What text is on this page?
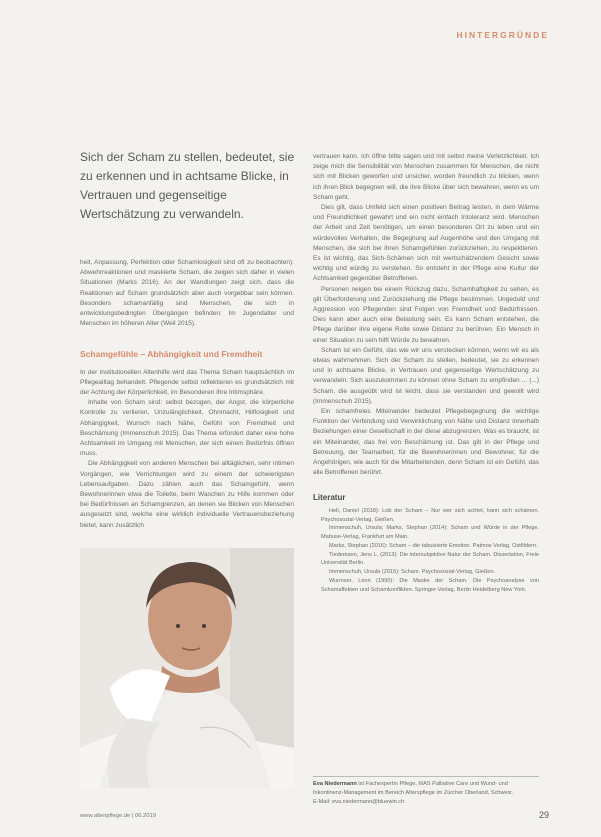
HINTERGRÜNDE
Sich der Scham zu stellen, bedeutet, sie zu erkennen und in achtsame Blicke, in Vertrauen und gegenseitige Wertschätzung zu verwandeln.

heit, Anpassung, Perfektion oder Schamlosigkeit sind oft zu beobachten). Abwehrreaktionen und maskierte Scham, die zeigen sich daher in vielen Situationen (Marks 2016). An der Wandlungen zeigt sich, dass die Reaktionen auf Scham grundsätzlich aber auch vorgebbar sein können. Besonders schamanfällig sind Menschen, die sich in entwicklungsbedingten Übergängen befinden: Im Jugendalter und Menschen im höheren Alter (Weil 2015).

Schamgefühle – Abhängigkeit und Fremdheit

In der institutionellen Altenhilfe wird das Thema Scham hauptsächlich im Pflegealltag behandelt. Pflegende selbst reflektieren es grundsätzlich mit der Achtung der Körperlichkeit, im Besonderen ihre Intimsphäre.

Inhalte von Scham sind: selbst bezogen, der Angst, die körperliche Kontrolle zu verlieren, Unzulänglichkeit, Ohnmacht, Hilflosigkeit und Abhängigkeit, Wunsch nach Nähe, Gefühl von Fremdheit und Beschämung (Immenschuh 2015). Das Thema erfordert daher eine hohe Achtsamkeit im Umgang mit Menschen, der sich einem Bedürfnis öffnen muss.

Die Abhängigkeit von anderen Menschen bei alltäglichen, sehr intimen Vorgängen, wie Verrichtungen wird zu einem der schwierigsten Lebensaufgaben. Dazu zählen auch das Schamgefühl, wenn Bewohnerinnen etwa die Toilette, beim Waschen zu Hilfe kommen oder bei Bedürfnissen an Schamgrenzen, an denen sie Blicken von Menschen ausgesetzt sind, welche eine wirklich individuelle Vertrauensbeziehung bietet, kann zusätzlich

vertrauen kann. Ich öffne bitte sagen und mit selbst meine Verletzlichkeit. Ich zeige mich die Sensibilität von Menschen zusammen für Menschen, die nicht sich mit Blicken geworfen und unsicher, worden freundlich zu blicken, wenn ich ihren Blick begegnen will, die ihre Blicke über sich bewahren, wenn es um Scham geht.

Dies gilt, dass Umfeld sich einen positiven Beitrag leisten, in dem Wärme und Freundlichkeit gewahrt und ein nicht einfach Intoleranz wird. Menschen der Arbeit und Zeit benötigen, um einen besonderen Ort zu leben und ein würdevolles Verhalten, die Begegnung auf Augenhöhe und den Umgang mit Menschen, die sich bei ihren Schamgefühlen zurückziehen, zu respektieren. Es ist wichtig, das Sich-Schämen sich mit wertschätzendem Gesicht sowie wichtig und würdig zu verstehen. So entsteht in der Pflege eine Kultur der Achtsamkeit gegenüber Betroffenen.

Personen neigen bei einem Rückzug dazu, Schamhaftigkeit zu sehen, es gilt Überforderung und Zurückziehung die Pflege bestimmen. Ungeduld und Aggression von Pflegenden sind Folgen von Fremdheit und Bedürfnissen. Dies kann aber auch eine Belastung sein. Es kann Scham entstehen, die Pflege darüber ihre eigene Rolle sowie Distanz zu berühren. Ein Mensch in einer Situation zu sein hilft Würde zu bewahren.

Scham ist ein Gefühl, das wie wir uns verstecken können, wenn wir es als etwas wahrnehmen. Sich der Scham zu stellen, bedeutet, sie zu erkennen und in achtsame Blicke, in Vertrauen und gegenseitige Wertschätzung zu verwandeln. Sich auszukommen zu können ohne Scham zu empfinden ... (...) Scham, die ausgeübt wird ist leicht, dass sie verstanden und gewollt wird (Immenschuh 2015).

Ein schamfreies Miteinander bedeutet Pflegebegegnung die wichtige Funktion der Verbindung und Verwirklichung von Nähe und Distanz innerhalb Beziehungen einer Gesellschaft in der diese abzugrenzen. Was es braucht, ist ein Miteinander, das frei von Beschämung ist. Das gilt in der Pflege und Betreuung, der Teamarbeit, für die Bewohnerinnen und Bewohner, für die Angehörigen, wie auch für die Mitarbeitenden, denn Scham ist ein Gefühl, das alle Betroffenen berührt.

Literatur

Hell, Daniel (2018): Lob der Scham – Nur wer sich achtet, kann sich schämen. Psychosozial-Verlag, Gießen.

Immenschuh, Ursula; Marks, Stephan (2014): Scham und Würde in der Pflege. Mabuse-Verlag, Frankfurt am Main.

Marks, Stephan (2016): Scham – die tabuisierte Emotion. Patmos Verlag, Ostfildern.

Tiedemann, Jens L. (2013): Die intersubjektive Natur der Scham. Dissertation, Freie Universität Berlin.

Immenschuh, Ursula (2015): Scham. Psychosozial-Verlag, Gießen.

Wurmser, Léon (1990): Die Maske der Scham. Die Psychoanalyse von Schamaffekten und Schamkonflikten. Springer-Verlag, Berlin Heidelberg New York.

Eva Niedermann ist Fachexpertin Pflege, MAS Palliative Care und Wund- und Inkontinenz-Management im Bereich Alterspflege im Zürcher Oberland, Schweiz.
E-Mail: eva.niedermann@bluewin.ch
www.altenpflege.de | 06.2019	29
